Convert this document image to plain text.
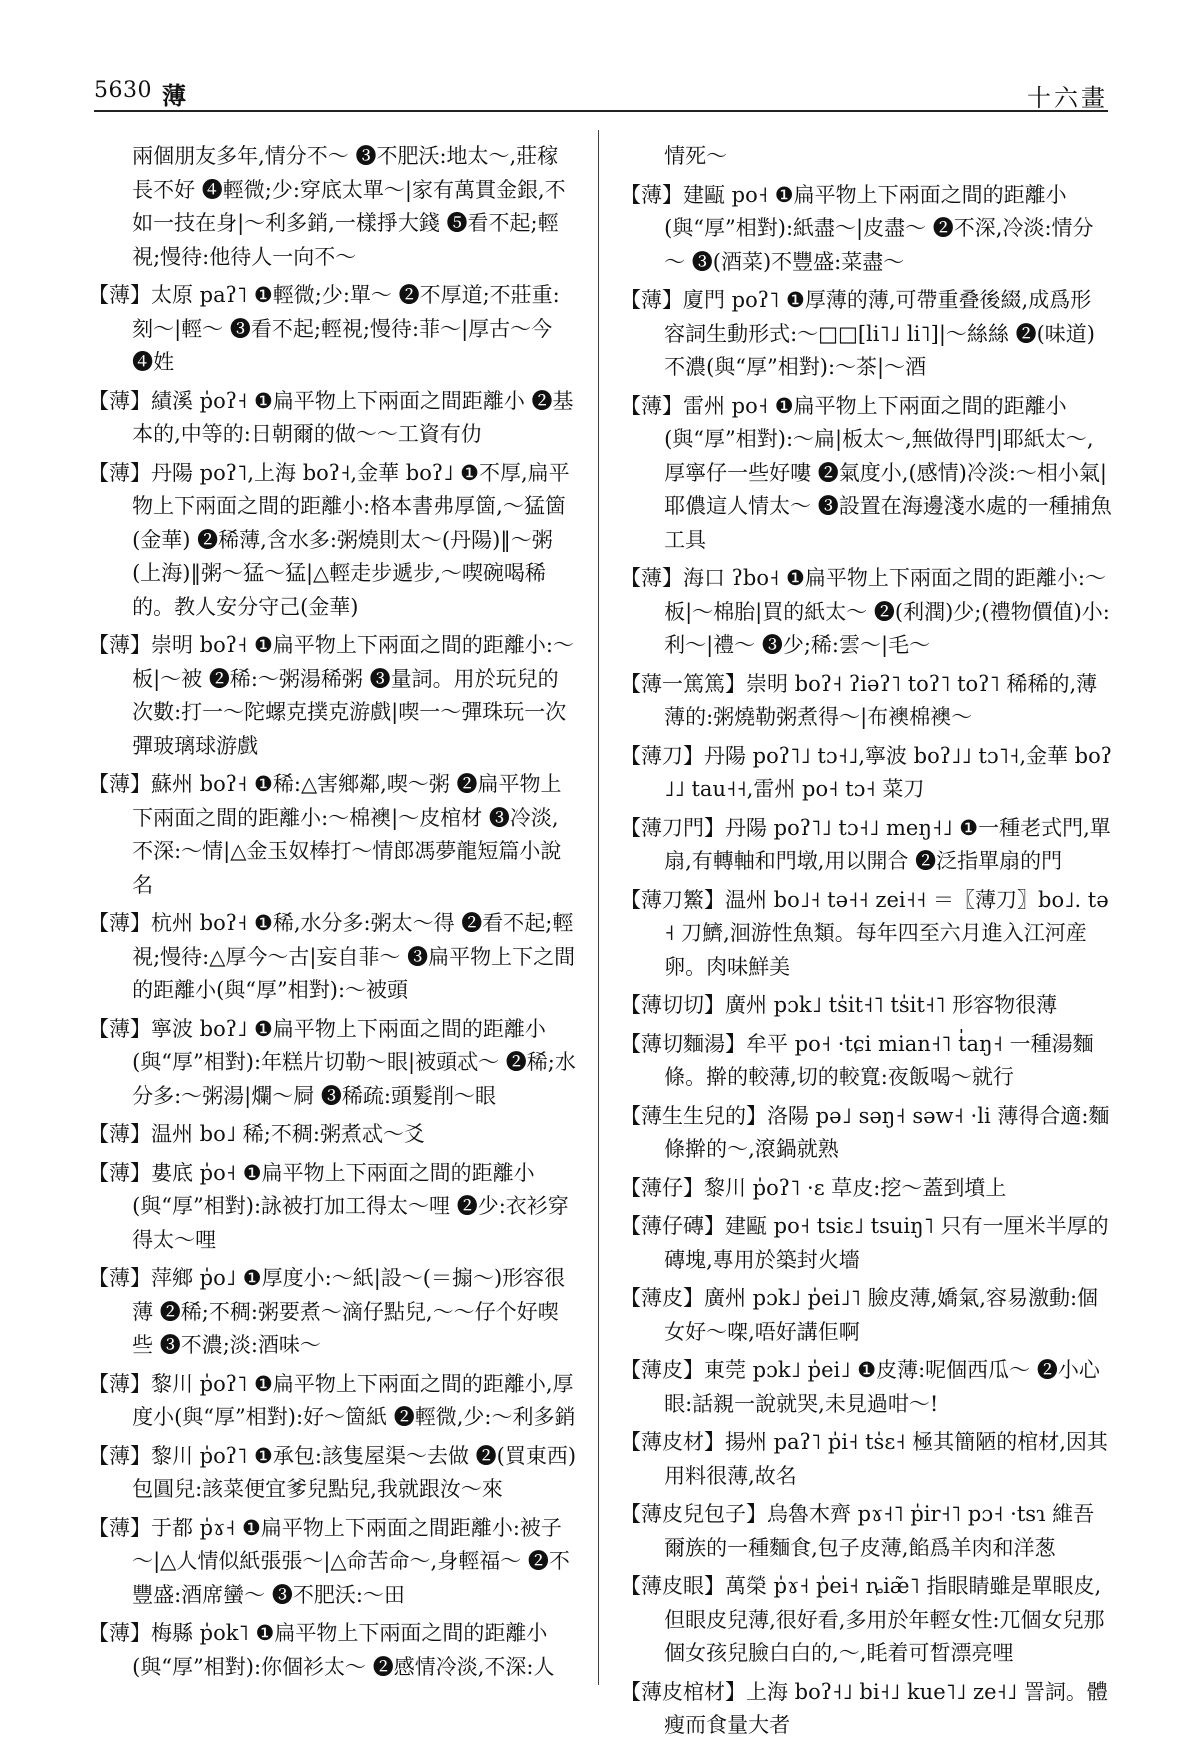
5630 薄	十六畫
兩個朋友多年,情分不～ ❸不肥沃:地太～,莊稼長不好 ❹輕微;少:穿底太單～|家有萬貫金銀,不如一技在身|～利多銷,一樣掙大錢 ❺看不起;輕視;慢待:他待人一向不～
【薄】太原 paʔ˥ ❶輕微;少:單～ ❷不厚道;不莊重:刻～|輕～ ❸看不起;輕視;慢待:菲～|厚古～今 ❹姓
【薄】績溪 p̍oʔ˧ ❶扁平物上下兩面之間距離小 ❷基本的,中等的:日朝爾的做～～工資有仂
【薄】丹陽 poʔ˥,上海 boʔ˧,金華 boʔ˩ ❶不厚,扁平物上下兩面之間的距離小:格本書弗厚箇,～猛箇(金華) ❷稀薄,含水多:粥燒則太～(丹陽)‖～粥(上海)‖粥～猛～猛|△輕走步遞步,～喫碗喝稀的。教人安分守己(金華)
【薄】崇明 boʔ˧ ❶扁平物上下兩面之間的距離小:～板|～被 ❷稀:～粥湯稀粥 ❸量詞。用於玩兒的次數:打一～陀螺克撲克游戲|喫一～彈珠玩一次彈玻璃球游戲
【薄】蘇州 boʔ˧ ❶稀:△害鄉鄰,喫～粥 ❷扁平物上下兩面之間的距離小:～棉襖|～皮棺材 ❸冷淡,不深:～情|△金玉奴棒打～情郎馮夢龍短篇小說名
【薄】杭州 boʔ˧ ❶稀,水分多:粥太～得 ❷看不起;輕視;慢待:△厚今～古|妄自菲～ ❸扁平物上下之間的距離小(與“厚”相對):～被頭
【薄】寧波 boʔ˩ ❶扁平物上下兩面之間的距離小(與“厚”相對):年糕片切勒～眼|被頭忒～ ❷稀;水分多:～粥湯|爛～屙 ❸稀疏:頭髮削～眼
【薄】温州 bo˩ 稀;不稠:粥煮忒～爻
【薄】婁底 p̍o˧ ❶扁平物上下兩面之間的距離小(與“厚”相對):詠被打加工得太～哩 ❷少:衣衫穿得太～哩
【薄】萍鄉 p̍o˩ ❶厚度小:～紙|設～(＝搧～)形容很薄 ❷稀;不稠:粥要煮～滴仔點兒,～～仔个好喫些 ❸不濃;淡:酒味～
【薄】黎川 p̍oʔ˥ ❶扁平物上下兩面之間的距離小,厚度小(與“厚”相對):好～箇紙 ❷輕微,少:～利多銷
【薄】黎川 p̍oʔ˥ ❶承包:該隻屋渠～去做 ❷(買東西)包圓兒:該菜便宜爹兒點兒,我就跟汝～來
【薄】于都 p̍ɤ˧ ❶扁平物上下兩面之間距離小:被子～|△人情似紙張張～|△命苦命～,身輕福～ ❷不豐盛:酒席蠻～ ❸不肥沃:～田
【薄】梅縣 p̍ok˥ ❶扁平物上下兩面之間的距離小(與“厚”相對):你個衫太～ ❷感情冷淡,不深:人
情死～
【薄】建甌 po˧ ❶扁平物上下兩面之間的距離小(與“厚”相對):紙盡～|皮盡～ ❷不深,冷淡:情分～ ❸(酒菜)不豐盛:菜盡～
【薄】廈門 poʔ˥ ❶厚薄的薄,可帶重叠後綴,成爲形容詞生動形式:～□□[li˥˩ li˥]|～絲絲 ❷(味道)不濃(與“厚”相對):～茶|～酒
【薄】雷州 po˧ ❶扁平物上下兩面之間的距離小(與“厚”相對):～扁|板太～,無做得門|耶紙太～,厚寧仔一些好嘍 ❷氣度小,(感情)冷淡:～相小氣|耶儂這人情太～ ❸設置在海邊淺水處的一種捕魚工具
【薄】海口 ʔbo˧ ❶扁平物上下兩面之間的距離小:～板|～棉胎|買的紙太～ ❷(利潤)少;(禮物價值)小:利～|禮～ ❸少;稀:雲～|毛～
【薄一篤篤】崇明 boʔ˧ ʔiəʔ˥ toʔ˥ toʔ˥ 稀稀的,薄薄的:粥燒勒粥煮得～|布襖棉襖～
【薄刀】丹陽 poʔ˥˩ tɔ˧˩,寧波 boʔ˩˩ tɔ˥˧,金華 boʔ˩˩ tau˧˧,雷州 po˧ tɔ˧ 菜刀
【薄刀門】丹陽 poʔ˥˩ tɔ˧˩ meŋ˧˩ ❶一種老式門,單扇,有轉軸和門墩,用以開合 ❷泛指單扇的門
【薄刀鰵】温州 bo˩˧ tə˧˧ zei˧˧ ＝〖薄刀〗bo˩. tə˧ 刀鱭,洄游性魚類。每年四至六月進入江河産卵。肉味鮮美
【薄切切】廣州 pɔk˩ ts̍it˧˥ ts̍it˧˥ 形容物很薄
【薄切麵湯】牟平 po˧ ·tɕi mian˧˥ t̍aŋ˧ 一種湯麵條。擀的較薄,切的較寬:夜飯喝～就行
【薄生生兒的】洛陽 pə˩ səŋ˧ səw˧ ·li 薄得合適:麵條擀的～,滾鍋就熟
【薄仔】黎川 p̍oʔ˥ ·ɛ 草皮:挖～蓋到墳上
【薄仔磚】建甌 po˧ tsiɛ˩ tsuiŋ˥ 只有一厘米半厚的磚塊,專用於築封火墻
【薄皮】廣州 pɔk˩ p̍ei˩˥ 臉皮薄,嬌氣,容易激動:個女好～㗎,唔好講佢啊
【薄皮】東莞 pɔk˩ p̍ei˩ ❶皮薄:呢個西瓜～ ❷小心眼:話親一說就哭,未見過咁～!
【薄皮材】揚州 paʔ˥ p̍i˧ ts̍ɛ˧ 極其簡陋的棺材,因其用料很薄,故名
【薄皮兒包子】烏魯木齊 pɤ˧˥ p̍ir˧˥ pɔ˧ ·tsɿ 維吾爾族的一種麵食,包子皮薄,餡爲羊肉和洋葱
【薄皮眼】萬榮 p̍ɤ˧ p̍ei˧ ȵiæ̃˥ 指眼睛雖是單眼皮,但眼皮兒薄,很好看,多用於年輕女性:兀個女兒那個女孩兒臉白白的,～,眊着可晳漂亮哩
【薄皮棺材】上海 boʔ˧˩ bi˧˩ kue˥˩ ze˧˩ 詈詞。體瘦而食量大者
